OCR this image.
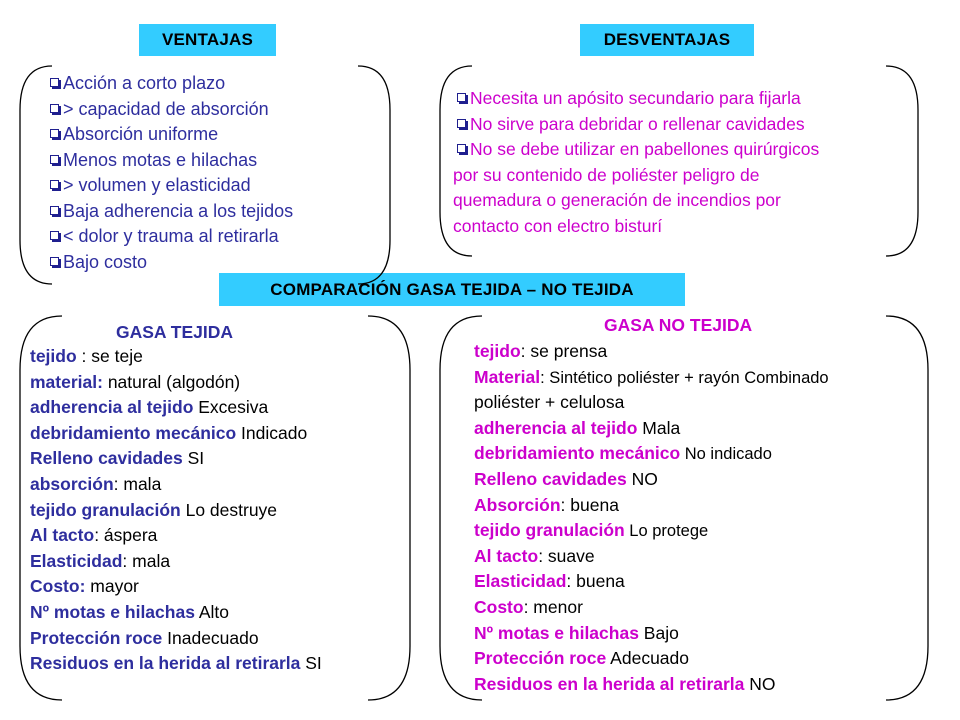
VENTAJAS	DESVENTAJAS
COMPARACIÓN GASA TEJIDA – NO TEJIDA
Acción a corto plazo
> capacidad de absorción
Absorción uniforme
Menos motas e hilachas
> volumen y elasticidad
Baja adherencia a los tejidos
< dolor y trauma al retirarla
Bajo costo
Necesita un apósito secundario para fijarla
No sirve para debridar o rellenar cavidades
No se debe utilizar en pabellones quirúrgicos
por su contenido de poliéster peligro de
quemadura o generación de incendios por
contacto con electro bisturí
GASA TEJIDA
tejido : se teje
material: natural (algodón)
adherencia al tejido Excesiva
debridamiento mecánico Indicado
Relleno cavidades SI
absorción: mala
tejido granulación Lo destruye
Al tacto: áspera
Elasticidad: mala
Costo: mayor
Nº motas e hilachas Alto
Protección roce Inadecuado
Residuos en la herida al retirarla SI
GASA NO TEJIDA
tejido: se prensa
Material: Sintético poliéster + rayón Combinado
poliéster + celulosa
adherencia al tejido Mala
debridamiento mecánico No indicado
Relleno cavidades NO
Absorción: buena
tejido granulación Lo protege
Al tacto: suave
Elasticidad: buena
Costo: menor
Nº motas e hilachas Bajo
Protección roce Adecuado
Residuos en la herida al retirarla NO
